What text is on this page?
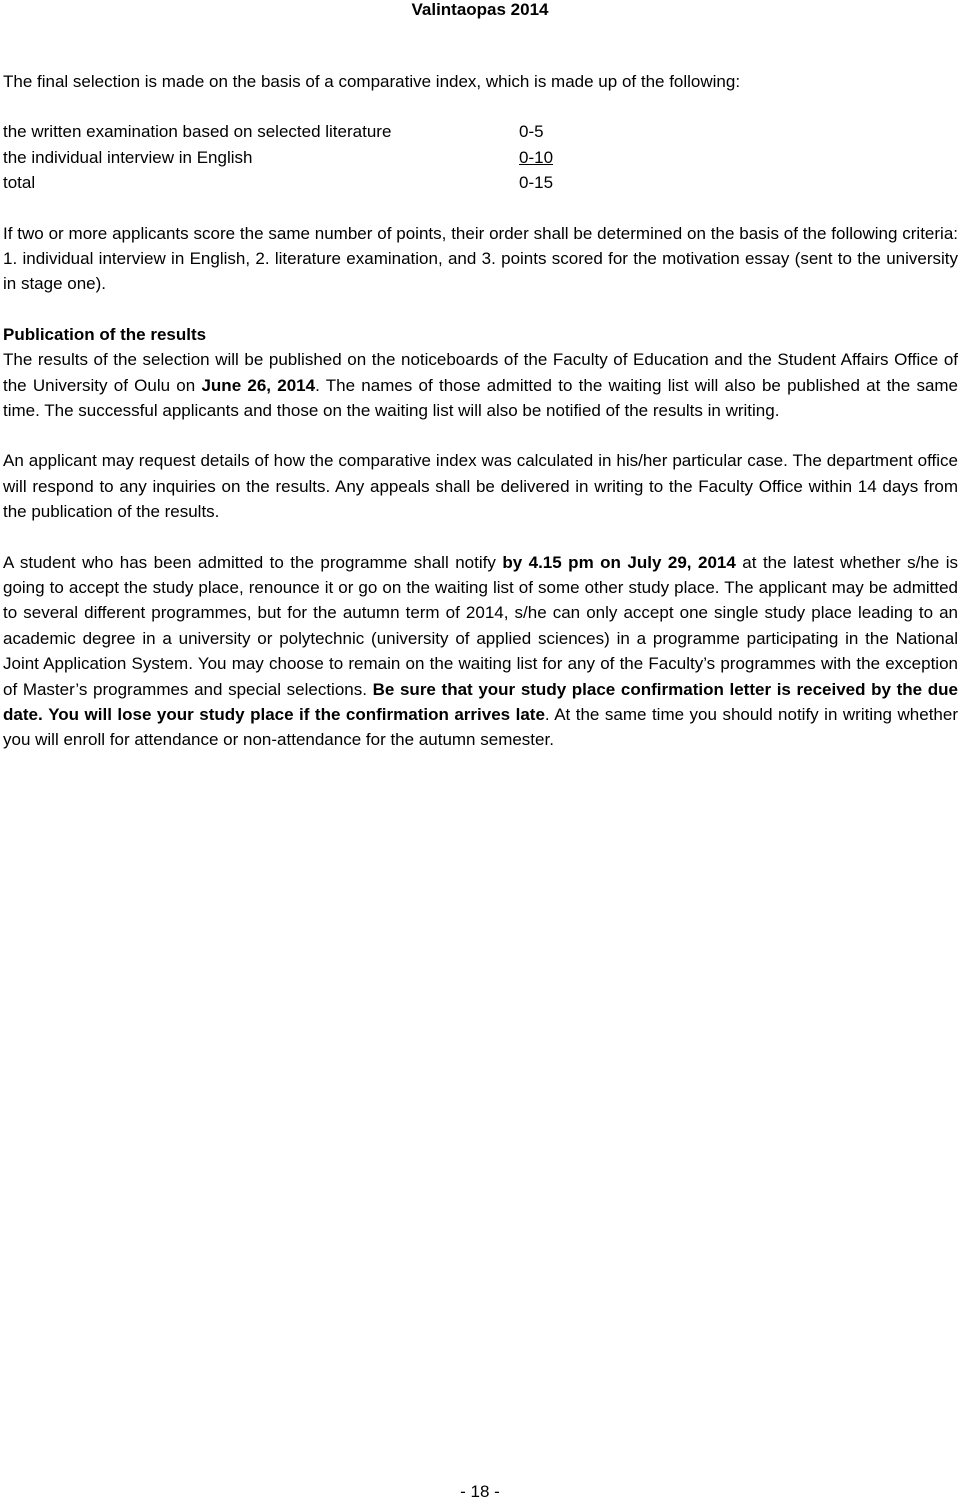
Valintaopas 2014

The final selection is made on the basis of a comparative index, which is made up of the following:

the written examination based on selected literature	0-5
the individual interview in English	0-10
total	0-15

If two or more applicants score the same number of points, their order shall be determined on the basis of the following criteria: 1. individual interview in English, 2. literature examination, and 3. points scored for the motivation essay (sent to the university in stage one).

Publication of the results

The results of the selection will be published on the noticeboards of the Faculty of Education and the Student Affairs Office of the University of Oulu on June 26, 2014. The names of those admitted to the waiting list will also be published at the same time. The successful applicants and those on the waiting list will also be notified of the results in writing.

An applicant may request details of how the comparative index was calculated in his/her particular case. The department office will respond to any inquiries on the results. Any appeals shall be delivered in writing to the Faculty Office within 14 days from the publication of the results.

A student who has been admitted to the programme shall notify by 4.15 pm on July 29, 2014 at the latest whether s/he is going to accept the study place, renounce it or go on the waiting list of some other study place. The applicant may be admitted to several different programmes, but for the autumn term of 2014, s/he can only accept one single study place leading to an academic degree in a university or polytechnic (university of applied sciences) in a programme participating in the National Joint Application System. You may choose to remain on the waiting list for any of the Faculty’s programmes with the exception of Master’s programmes and special selections. Be sure that your study place confirmation letter is received by the due date. You will lose your study place if the confirmation arrives late. At the same time you should notify in writing whether you will enroll for attendance or non-attendance for the autumn semester.

- 18 -
